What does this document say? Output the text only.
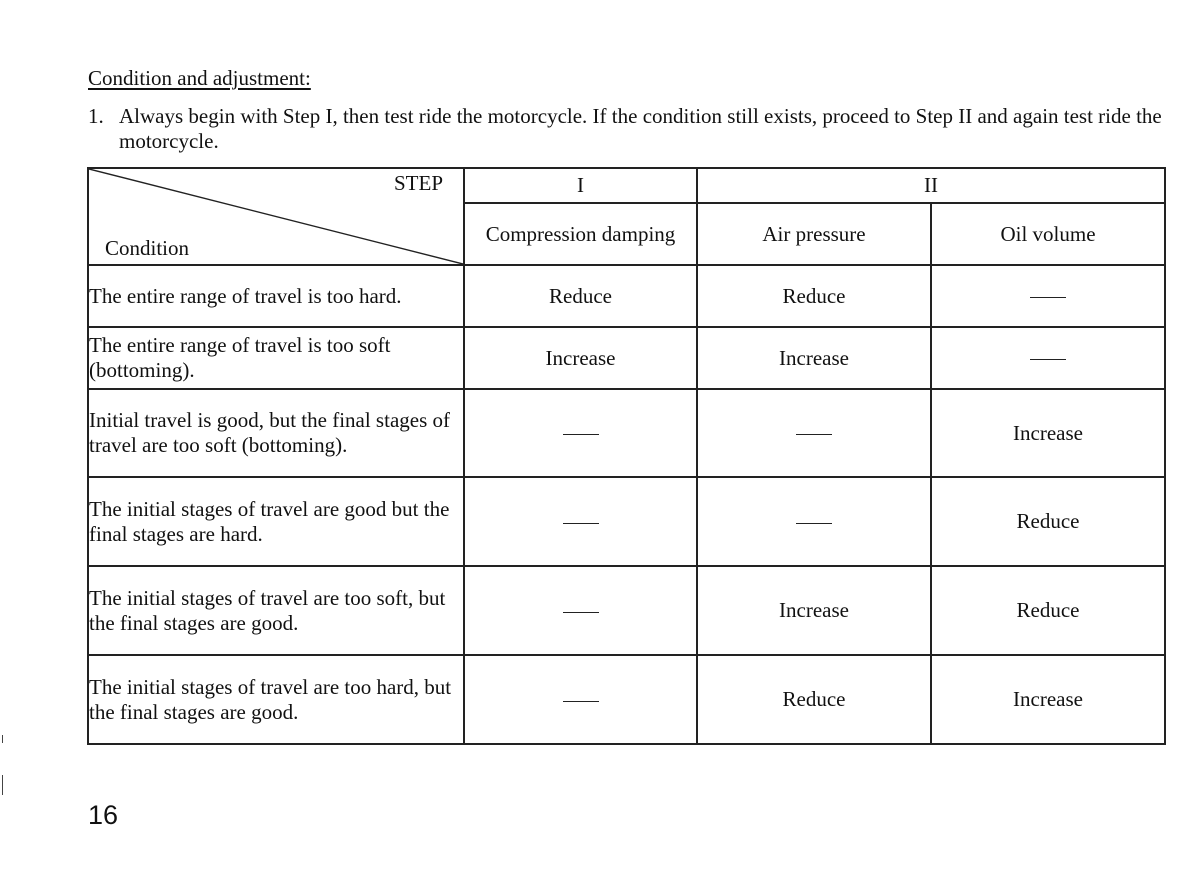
Condition and adjustment:
1. Always begin with Step I, then test ride the motorcycle. If the condition still exists, proceed to Step II and again test ride the motorcycle.
STEP
Condition	I	II	
	Compression damping	Air pressure	Oil volume
The entire range of travel is too hard.	Reduce	Reduce	
The entire range of travel is too soft (bottoming).	Increase	Increase	
Initial travel is good, but the final stages of travel are too soft (bottoming).			Increase
The initial stages of travel are good but the final stages are hard.			Reduce
The initial stages of travel are too soft, but the final stages are good.		Increase	Reduce
The initial stages of travel are too hard, but the final stages are good.		Reduce	Increase
16
